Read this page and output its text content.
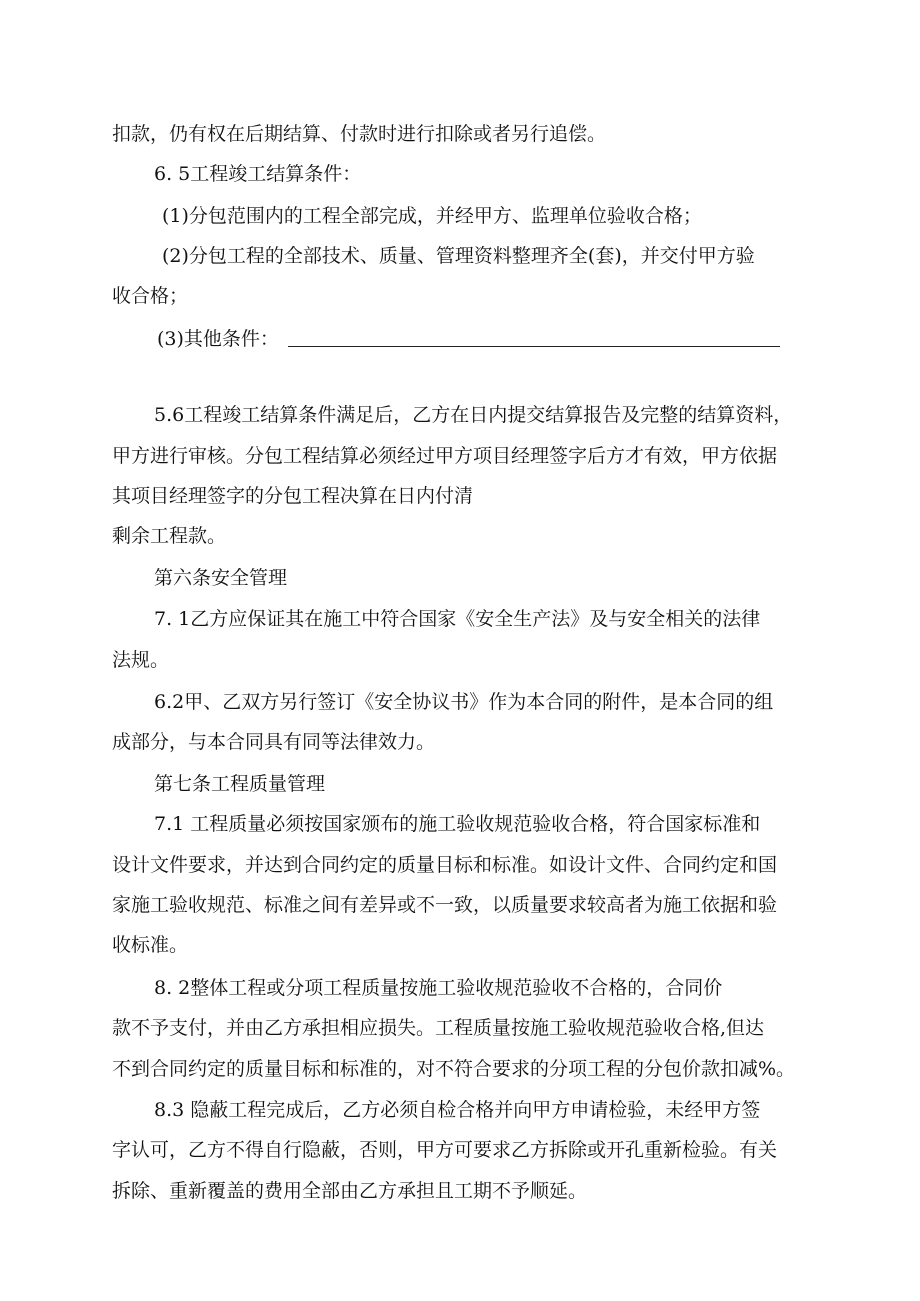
扣款，仍有权在后期结算、付款时进行扣除或者另行追偿。
6. 5工程竣工结算条件：
(1)分包范围内的工程全部完成，并经甲方、监理单位验收合格；
(2)分包工程的全部技术、质量、管理资料整理齐全(套)，并交付甲方验
收合格；
(3)其他条件：
5.6工程竣工结算条件满足后，乙方在日内提交结算报告及完整的结算资料，
甲方进行审核。分包工程结算必须经过甲方项目经理签字后方才有效，甲方依据
其项目经理签字的分包工程决算在日内付清
剩余工程款。
第六条安全管理
7. 1乙方应保证其在施工中符合国家《安全生产法》及与安全相关的法律
法规。
6.2甲、乙双方另行签订《安全协议书》作为本合同的附件，是本合同的组
成部分，与本合同具有同等法律效力。
第七条工程质量管理
7.1 工程质量必须按国家颁布的施工验收规范验收合格，符合国家标准和
设计文件要求，并达到合同约定的质量目标和标准。如设计文件、合同约定和国
家施工验收规范、标准之间有差异或不一致，以质量要求较高者为施工依据和验
收标准。
8. 2整体工程或分项工程质量按施工验收规范验收不合格的，合同价
款不予支付，并由乙方承担相应损失。工程质量按施工验收规范验收合格,但达
不到合同约定的质量目标和标准的，对不符合要求的分项工程的分包价款扣减%。
8.3 隐蔽工程完成后，乙方必须自检合格并向甲方申请检验，未经甲方签
字认可，乙方不得自行隐蔽，否则，甲方可要求乙方拆除或开孔重新检验。有关
拆除、重新覆盖的费用全部由乙方承担且工期不予顺延。
